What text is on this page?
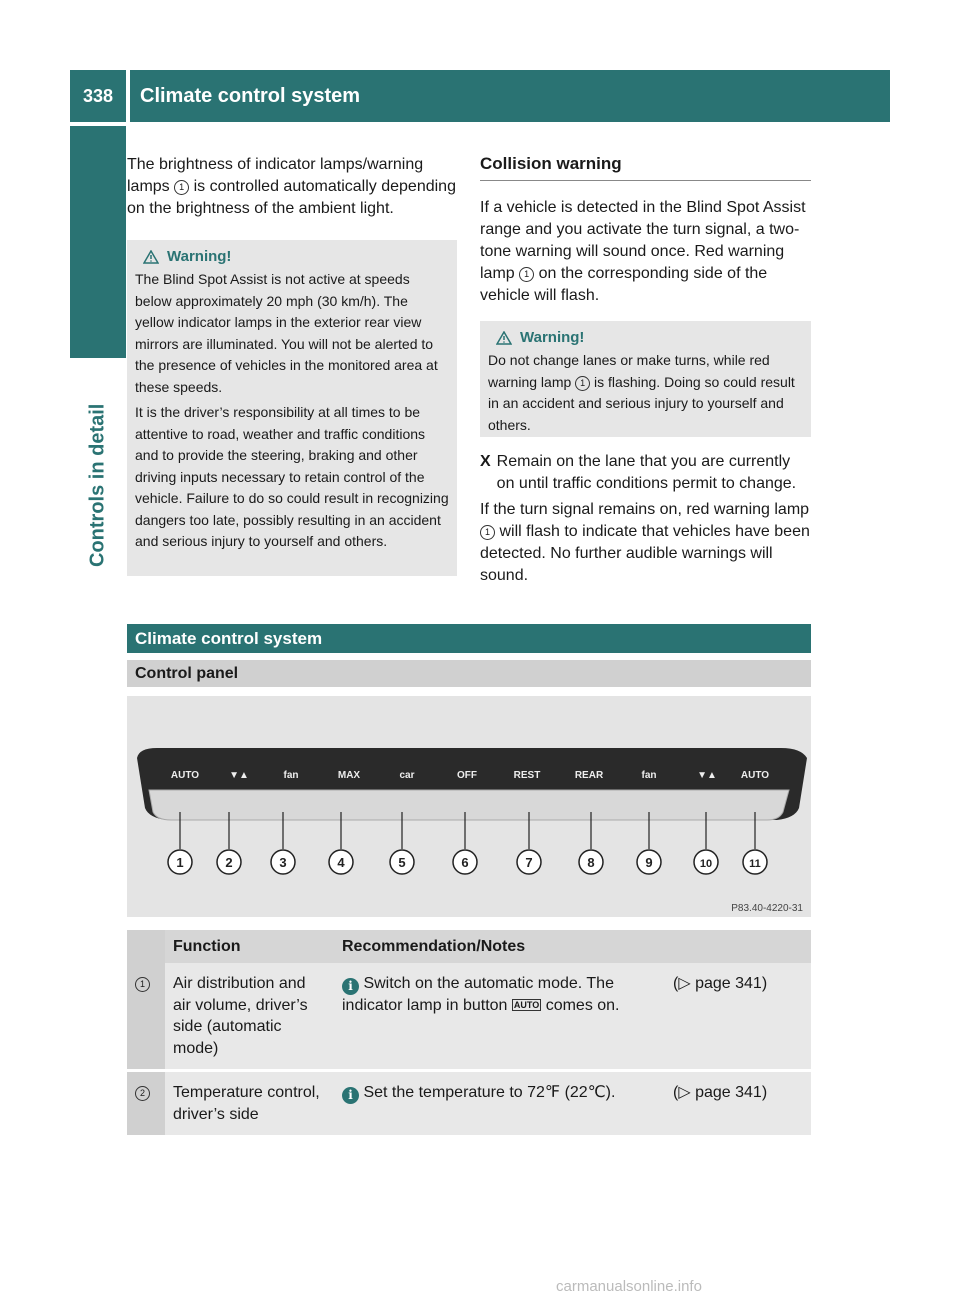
338	Climate control system
Controls in detail

The brightness of indicator lamps/warning lamps 1 is controlled automatically depending on the brightness of the ambient light.

Warning!

The Blind Spot Assist is not active at speeds below approximately 20 mph (30 km/h). The yellow indicator lamps in the exterior rear view mirrors are illuminated. You will not be alerted to the presence of vehicles in the monitored area at these speeds.

It is the driver’s responsibility at all times to be attentive to road, weather and traffic conditions and to provide the steering, braking and other driving inputs necessary to retain control of the vehicle. Failure to do so could result in recognizing dangers too late, possibly resulting in an accident and serious injury to yourself and others.

Collision warning

If a vehicle is detected in the Blind Spot Assist range and you activate the turn signal, a two-tone warning will sound once. Red warning lamp 1 on the corresponding side of the vehicle will flash.

Warning!

Do not change lanes or make turns, while red warning lamp 1 is flashing. Doing so could result in an accident and serious injury to yourself and others.

X Remain on the lane that you are currently on until traffic conditions permit to change.

If the turn signal remains on, red warning lamp 1 will flash to indicate that vehicles have been detected. No further audible warnings will sound.

Climate control system
Control panel
AUTO	▼▲	fan	MAX	car	OFF	REST	REAR	fan	▼▲ AUTO
1	2	3	4	5	6	7	8	9	10	11
P83.40-4220-31
	Function	Recommendation/Notes	
1	Air distribution and air volume, driver’s side (automatic mode)	i Switch on the automatic mode. The indicator lamp in button AUTO comes on.	(▷ page 341)
2	Temperature control, driver’s side	i Set the temperature to 72℉ (22℃).	(▷ page 341)
carmanualsonline.info
